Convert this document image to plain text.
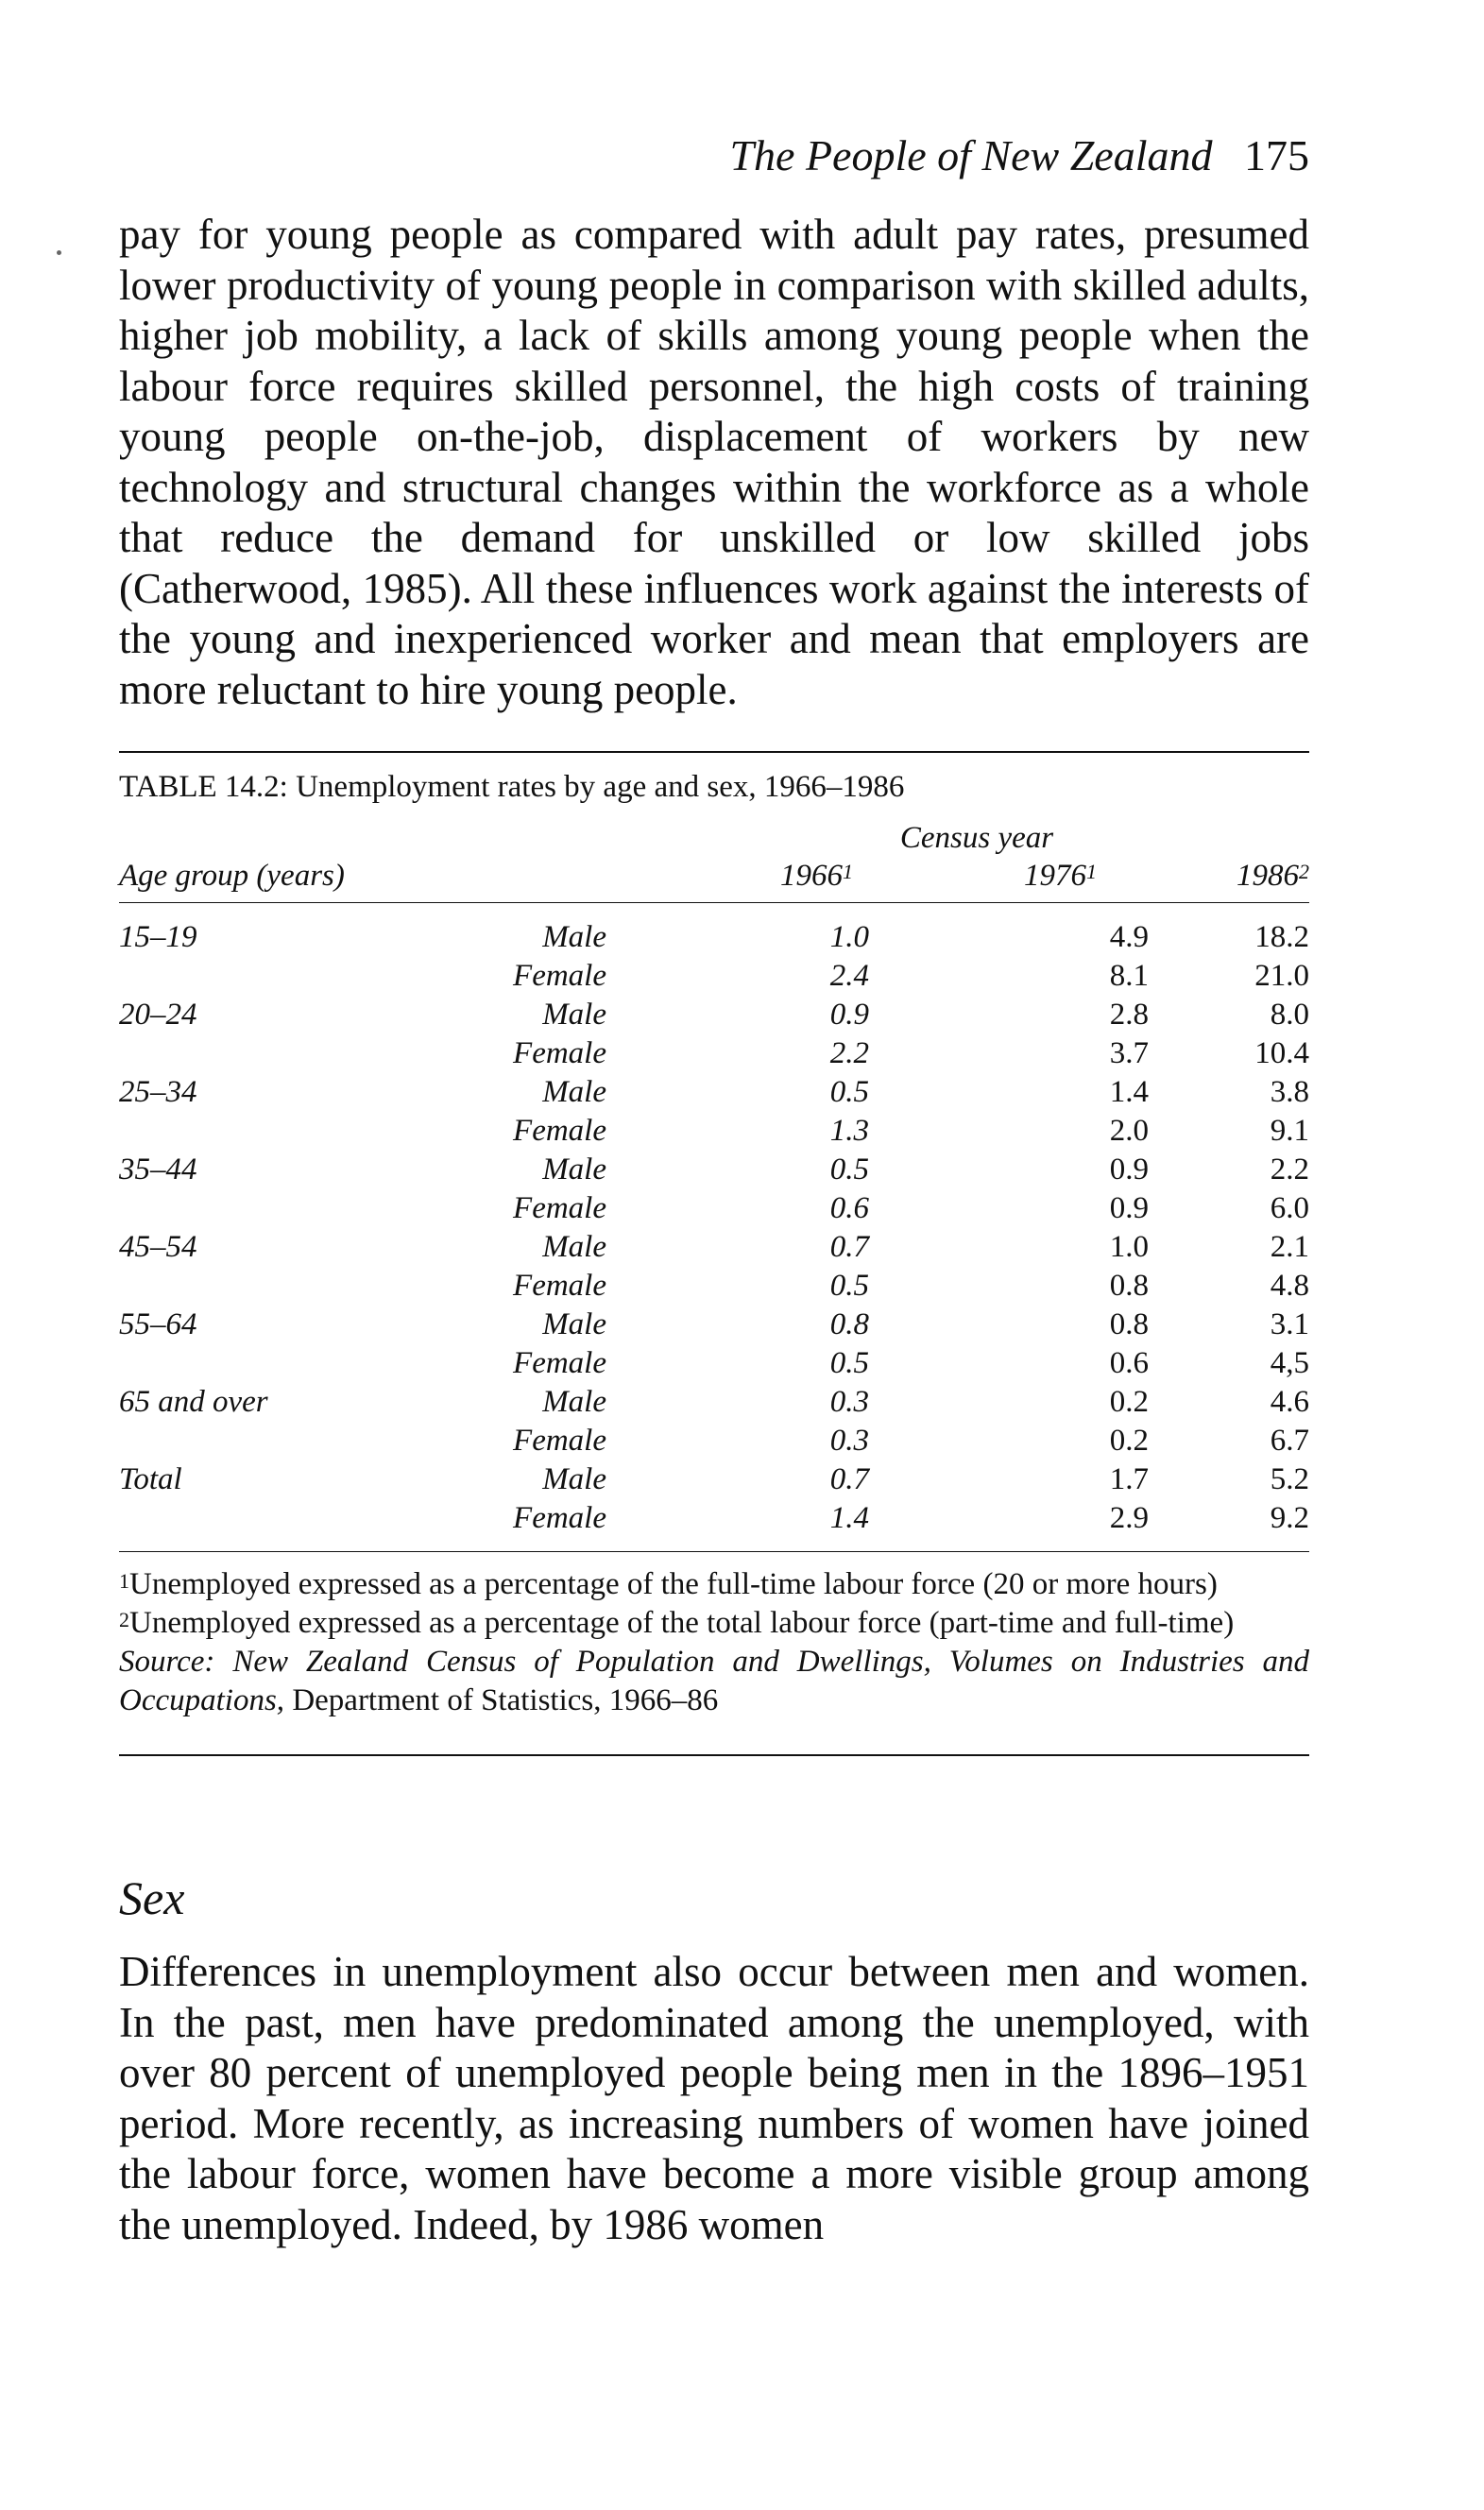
The People of New Zealand 175

pay for young people as compared with adult pay rates, presumed lower productivity of young people in comparison with skilled adults, higher job mobility, a lack of skills among young people when the labour force requires skilled personnel, the high costs of training young people on-the-job, displacement of workers by new technology and structural changes within the workforce as a whole that reduce the demand for unskilled or low skilled jobs (Catherwood, 1985). All these influences work against the interests of the young and inexperienced worker and mean that employers are more reluctant to hire young people.

TABLE 14.2: Unemployment rates by age and sex, 1966–1986
Census year
Age group (years)	1966$^1$	1976$^1$	1986$^2$
15–19	Male	1.0	4.9	18.2
Female	2.4	8.1	21.0
20–24	Male	0.9	2.8	8.0
Female	2.2	3.7	10.4
25–34	Male	0.5	1.4	3.8
Female	1.3	2.0	9.1
35–44	Male	0.5	0.9	2.2
Female	0.6	0.9	6.0
45–54	Male	0.7	1.0	2.1
Female	0.5	0.8	4.8
55–64	Male	0.8	0.8	3.1
Female	0.5	0.6	4,5
65 and over	Male	0.3	0.2	4.6
Female	0.3	0.2	6.7
Total	Male	0.7	1.7	5.2
Female	1.4	2.9	9.2
$^1$Unemployed expressed as a percentage of the full-time labour force (20 or more hours)
$^2$Unemployed expressed as a percentage of the total labour force (part-time and full-time)
Source: New Zealand Census of Population and Dwellings, Volumes on Industries and Occupations, Department of Statistics, 1966–86
Sex

Differences in unemployment also occur between men and women. In the past, men have predominated among the unemployed, with over 80 percent of unemployed people being men in the 1896–1951 period. More recently, as increasing numbers of women have joined the labour force, women have become a more visible group among the unemployed. Indeed, by 1986 women
